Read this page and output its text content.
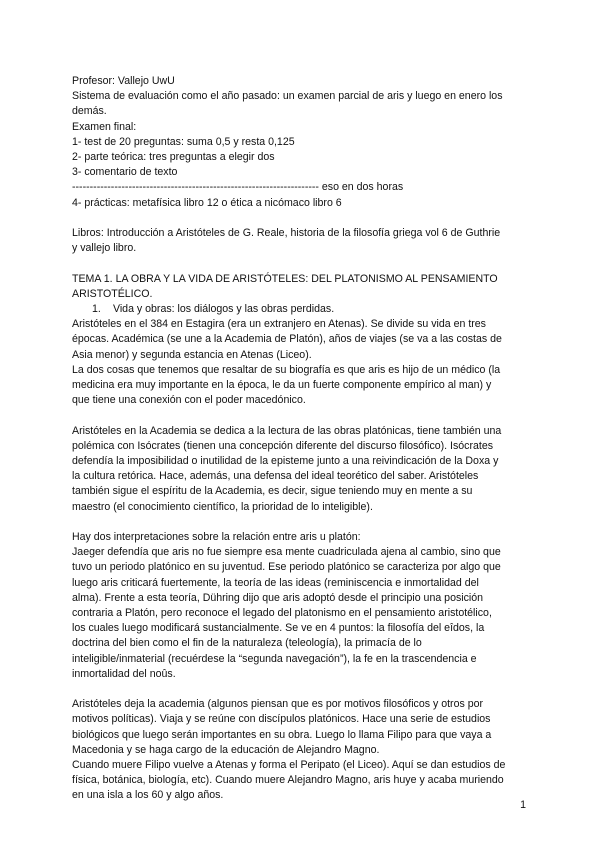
Profesor: Vallejo UwU
Sistema de evaluación como el año pasado: un examen parcial de aris y luego en enero los
demás.
Examen final:
1- test de 20 preguntas: suma 0,5 y resta 0,125
2- parte teórica: tres preguntas a elegir dos
3- comentario de texto
---------------------------------------------------------------------- eso en dos horas
4- prácticas: metafísica libro 12 o ética a nicómaco libro 6
Libros: Introducción a Aristóteles de G. Reale, historia de la filosofía griega vol 6 de Guthrie
y vallejo libro.
TEMA 1. LA OBRA Y LA VIDA DE ARISTÓTELES: DEL PLATONISMO AL PENSAMIENTO
ARISTOTÉLICO.
1. Vida y obras: los diálogos y las obras perdidas.
Aristóteles en el 384 en Estagira (era un extranjero en Atenas). Se divide su vida en tres
épocas. Académica (se une a la Academia de Platón), años de viajes (se va a las costas de
Asia menor) y segunda estancia en Atenas (Liceo).
La dos cosas que tenemos que resaltar de su biografía es que aris es hijo de un médico (la
medicina era muy importante en la época, le da un fuerte componente empírico al man) y
que tiene una conexión con el poder macedónico.
Aristóteles en la Academia se dedica a la lectura de las obras platónicas, tiene también una
polémica con Isócrates (tienen una concepción diferente del discurso filosófico). Isócrates
defendía la imposibilidad o inutilidad de la episteme junto a una reivindicación de la Doxa y
la cultura retórica. Hace, además, una defensa del ideal teorético del saber. Aristóteles
también sigue el espíritu de la Academia, es decir, sigue teniendo muy en mente a su
maestro (el conocimiento científico, la prioridad de lo inteligible).
Hay dos interpretaciones sobre la relación entre aris u platón:
Jaeger defendía que aris no fue siempre esa mente cuadriculada ajena al cambio, sino que
tuvo un periodo platónico en su juventud. Ese periodo platónico se caracteriza por algo que
luego aris criticará fuertemente, la teoría de las ideas (reminiscencia e inmortalidad del
alma). Frente a esta teoría, Dühring dijo que aris adoptó desde el principio una posición
contraria a Platón, pero reconoce el legado del platonismo en el pensamiento aristotélico,
los cuales luego modificará sustancialmente. Se ve en 4 puntos: la filosofía del eîdos, la
doctrina del bien como el fin de la naturaleza (teleología), la primacía de lo
inteligible/inmaterial (recuérdese la “segunda navegación”), la fe en la trascendencia e
inmortalidad del noûs.
Aristóteles deja la academia (algunos piensan que es por motivos filosóficos y otros por
motivos políticas). Viaja y se reúne con discípulos platónicos. Hace una serie de estudios
biológicos que luego serán importantes en su obra. Luego lo llama Filipo para que vaya a
Macedonia y se haga cargo de la educación de Alejandro Magno.
Cuando muere Filipo vuelve a Atenas y forma el Peripato (el Liceo). Aquí se dan estudios de
física, botánica, biología, etc). Cuando muere Alejandro Magno, aris huye y acaba muriendo
en una isla a los 60 y algo años.
1
